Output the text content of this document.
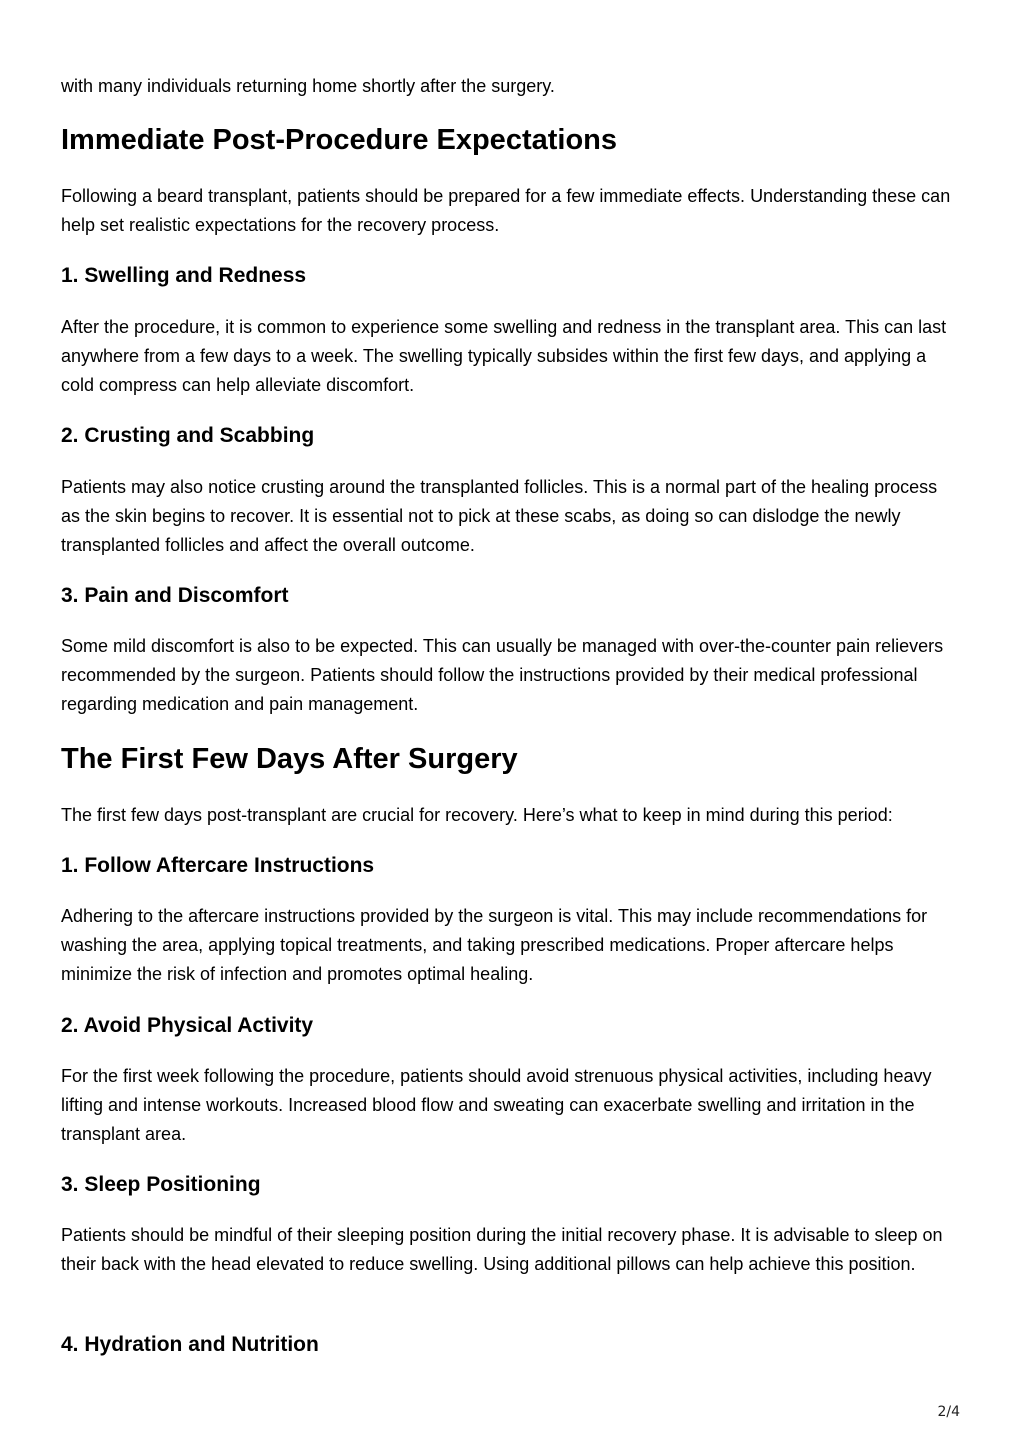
with many individuals returning home shortly after the surgery.

Immediate Post-Procedure Expectations

Following a beard transplant, patients should be prepared for a few immediate effects. Understanding these can help set realistic expectations for the recovery process.

1. Swelling and Redness

After the procedure, it is common to experience some swelling and redness in the transplant area. This can last anywhere from a few days to a week. The swelling typically subsides within the first few days, and applying a cold compress can help alleviate discomfort.

2. Crusting and Scabbing

Patients may also notice crusting around the transplanted follicles. This is a normal part of the healing process as the skin begins to recover. It is essential not to pick at these scabs, as doing so can dislodge the newly transplanted follicles and affect the overall outcome.

3. Pain and Discomfort

Some mild discomfort is also to be expected. This can usually be managed with over-the-counter pain relievers recommended by the surgeon. Patients should follow the instructions provided by their medical professional regarding medication and pain management.

The First Few Days After Surgery

The first few days post-transplant are crucial for recovery. Here’s what to keep in mind during this period:

1. Follow Aftercare Instructions

Adhering to the aftercare instructions provided by the surgeon is vital. This may include recommendations for washing the area, applying topical treatments, and taking prescribed medications. Proper aftercare helps minimize the risk of infection and promotes optimal healing.

2. Avoid Physical Activity

For the first week following the procedure, patients should avoid strenuous physical activities, including heavy lifting and intense workouts. Increased blood flow and sweating can exacerbate swelling and irritation in the transplant area.

3. Sleep Positioning

Patients should be mindful of their sleeping position during the initial recovery phase. It is advisable to sleep on their back with the head elevated to reduce swelling. Using additional pillows can help achieve this position.

4. Hydration and Nutrition
2/4
